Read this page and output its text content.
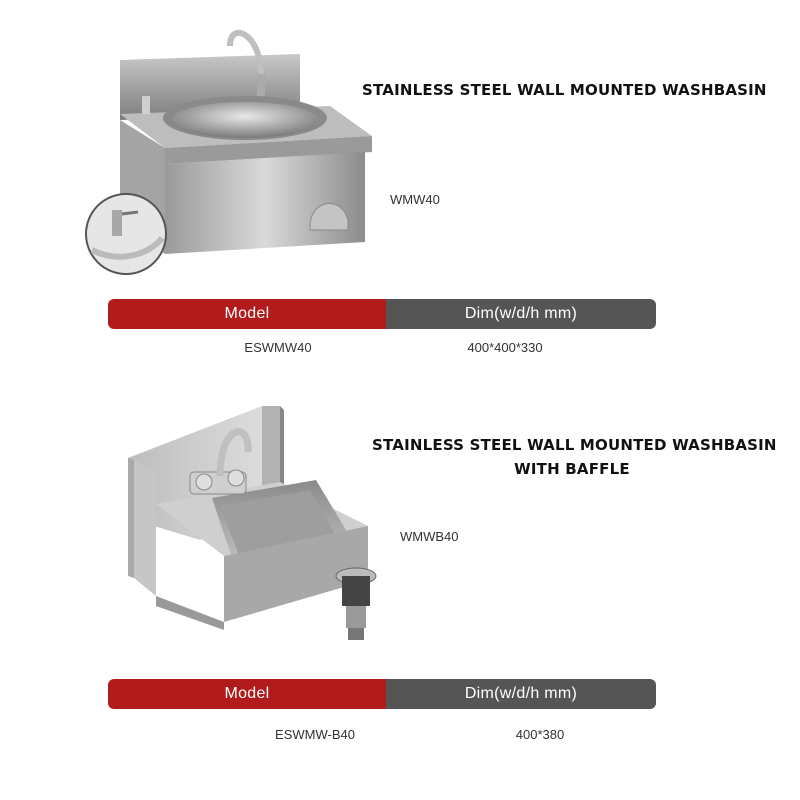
STAINLESS STEEL WALL MOUNTED WASHBASIN
WMW40
Model	Dim(w/d/h mm)
ESWMW40	400*400*330
STAINLESS STEEL WALL MOUNTED WASHBASIN
WITH BAFFLE
WMWB40
Model	Dim(w/d/h mm)
ESWMW-B40	400*380
